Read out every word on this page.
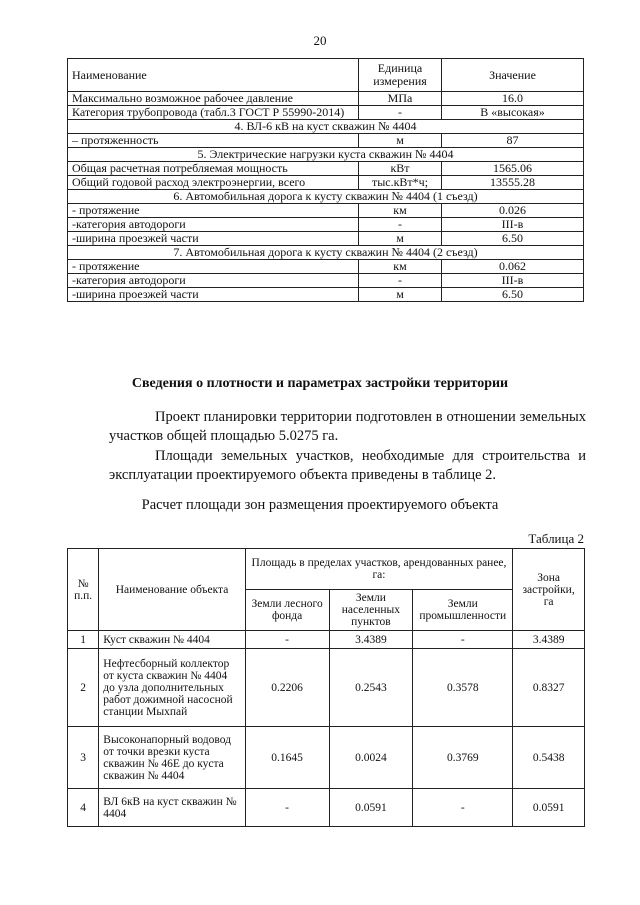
20
Наименование	Единица измерения	Значение
Максимально возможное рабочее давление	МПа	16.0
Категория трубопровода (табл.3 ГОСТ Р 55990-2014)	-	В «высокая»
4. ВЛ-6 кВ на куст скважин № 4404		
– протяженность	м	87
5. Электрические нагрузки куста скважин № 4404		
Общая расчетная потребляемая мощность	кВт	1565.06
Общий годовой расход электроэнергии, всего	тыс.кВт*ч;	13555.28
6. Автомобильная дорога к кусту скважин № 4404 (1 съезд)		
- протяжение	км	0.026
-категория автодороги	-	III-в
-ширина проезжей части	м	6.50
7. Автомобильная дорога к кусту скважин № 4404 (2 съезд)		
- протяжение	км	0.062
-категория автодороги	-	III-в
-ширина проезжей части	м	6.50
Сведения о плотности и параметрах застройки территории
Проект планировки территории подготовлен в отношении земельных участков общей площадью 5.0275 га.
Площади земельных участков, необходимые для строительства и эксплуатации проектируемого объекта приведены в таблице 2.
Расчет площади зон размещения проектируемого объекта
Таблица 2
№ п.п.	Наименование объекта	Площадь в пределах участков, арендованных ранее, га:			Зона застройки, га
		Земли лесного фонда	Земли населенных пунктов	Земли промышленности	
1	Куст скважин № 4404	-	3.4389	-	3.4389
2	Нефтесборный коллектор от куста скважин № 4404 до узла дополнительных работ дожимной насосной станции Мыхпай	0.2206	0.2543	0.3578	0.8327
3	Высоконапорный водовод от точки врезки куста скважин № 46Е до куста скважин № 4404	0.1645	0.0024	0.3769	0.5438
4	ВЛ 6кВ на куст скважин № 4404	-	0.0591	-	0.0591
